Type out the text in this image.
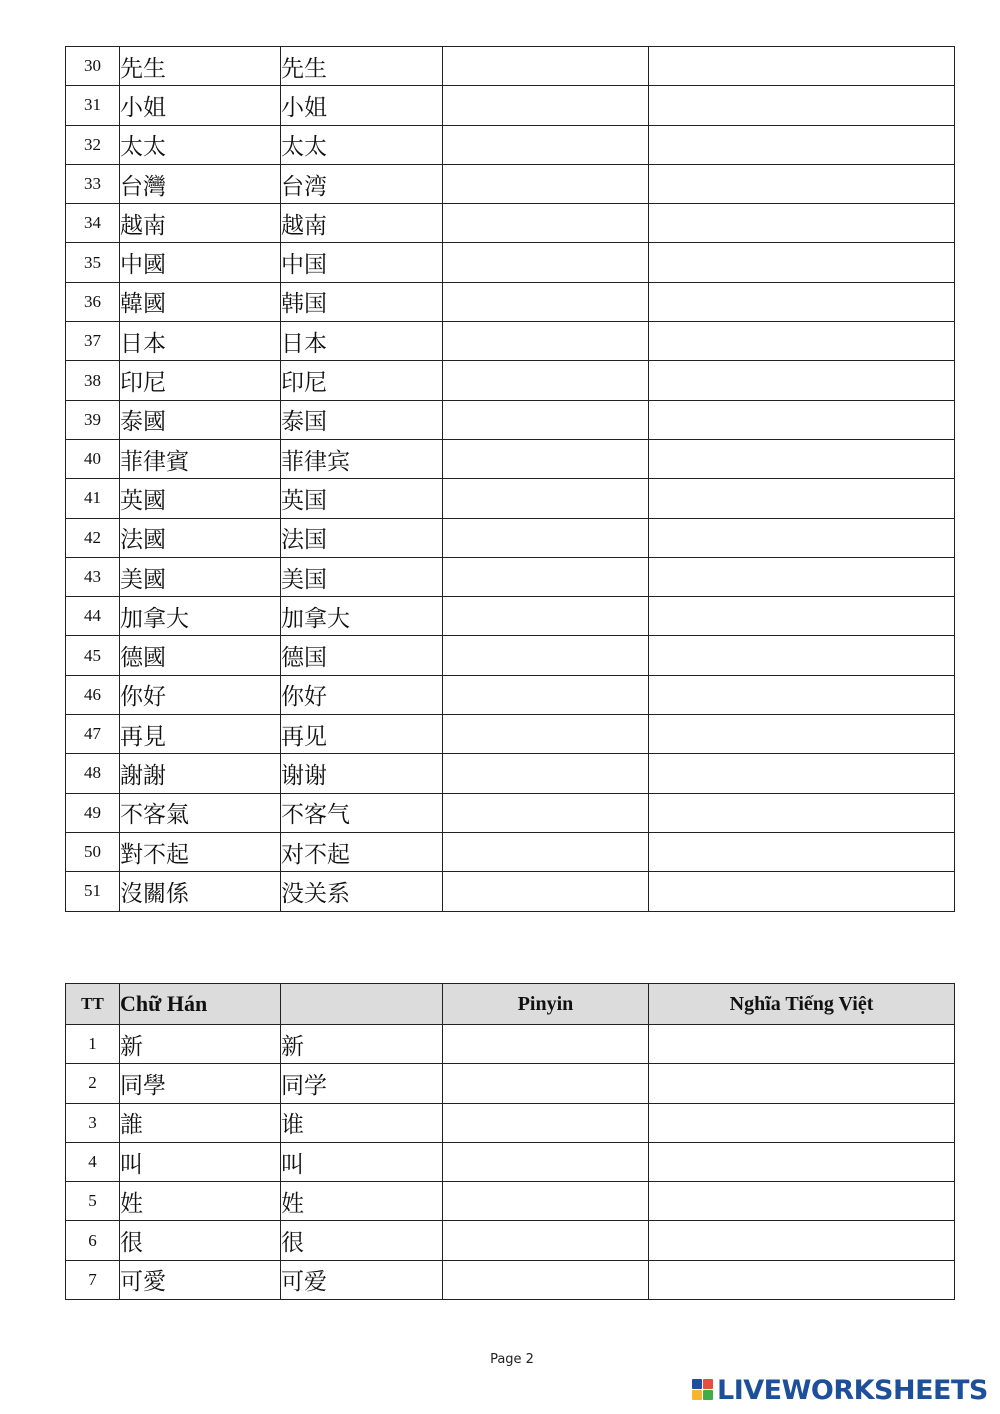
30	先生	先生		
31	小姐	小姐		
32	太太	太太		
33	台灣	台湾		
34	越南	越南		
35	中國	中国		
36	韓國	韩国		
37	日本	日本		
38	印尼	印尼		
39	泰國	泰国		
40	菲律賓	菲律宾		
41	英國	英国		
42	法國	法国		
43	美國	美国		
44	加拿大	加拿大		
45	德國	德国		
46	你好	你好		
47	再見	再见		
48	謝謝	谢谢		
49	不客氣	不客气		
50	對不起	对不起		
51	沒關係	没关系		
TT	Chữ Hán		Pinyin	Nghĩa Tiếng Việt
1	新	新		
2	同學	同学		
3	誰	谁		
4	叫	叫		
5	姓	姓		
6	很	很		
7	可愛	可爱		
Page 2
LIVEWORKSHEETS
